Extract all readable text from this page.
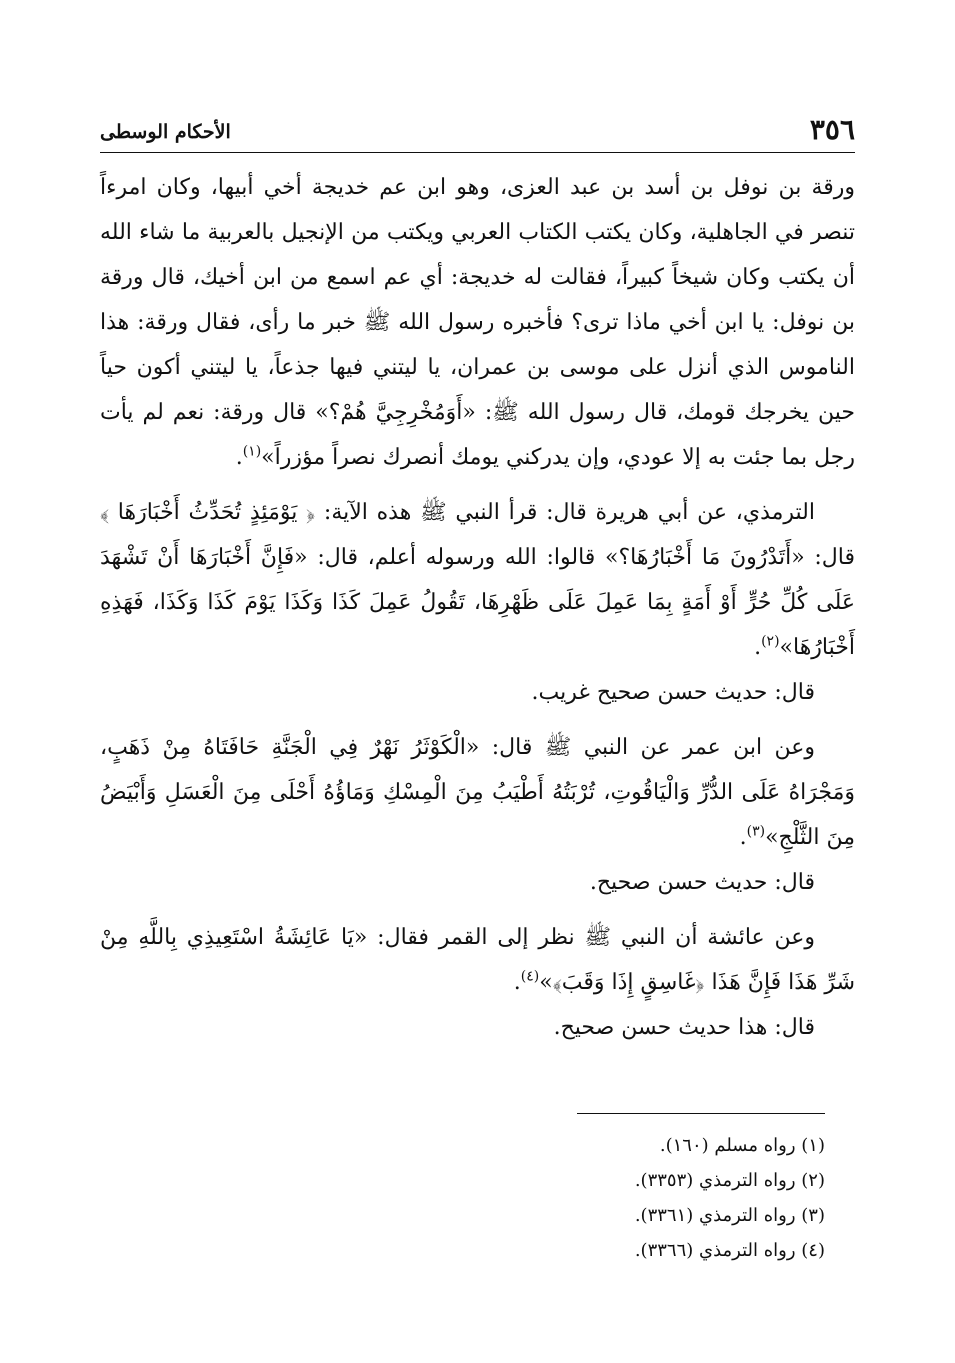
٣٥٦
الأحكام الوسطى

ورقة بن نوفل بن أسد بن عبد العزى، وهو ابن عم خديجة أخي أبيها، وكان امرءاً تنصر في الجاهلية، وكان يكتب الكتاب العربي ويكتب من الإنجيل بالعربية ما شاء الله أن يكتب وكان شيخاً كبيراً، فقالت له خديجة: أي عم اسمع من ابن أخيك، قال ورقة بن نوفل: يا ابن أخي ماذا ترى؟ فأخبره رسول الله ﷺ خبر ما رأى، فقال ورقة: هذا الناموس الذي أنزل على موسى بن عمران، يا ليتني فيها جذعاً، يا ليتني أكون حياً حين يخرجك قومك، قال رسول الله ﷺ: «أَوَمُخْرِجِيَّ هُمْ؟» قال ورقة: نعم لم يأت رجل بما جئت به إلا عودي، وإن يدركني يومك أنصرك نصراً مؤزراً»$^{(١)}$.

الترمذي، عن أبي هريرة قال: قرأ النبي ﷺ هذه الآية: ﴿ يَوْمَئِذٍ تُحَدِّثُ أَخْبَارَهَا ﴾ قال: «أَتَدْرُونَ مَا أَخْبَارُهَا؟» قالوا: الله ورسوله أعلم، قال: «فَإِنَّ أَخْبَارَهَا أَنْ تَشْهَدَ عَلَى كُلِّ حُرٍّ أَوْ أَمَةٍ بِمَا عَمِلَ عَلَى ظَهْرِهَا، تَقُولُ عَمِلَ كَذَا وَكَذَا يَوْمَ كَذَا وَكَذَا، فَهَذِهِ أَخْبَارُهَا»$^{(٢)}$.

قال: حديث حسن صحيح غريب.

وعن ابن عمر عن النبي ﷺ قال: «الْكَوْثَرُ نَهْرٌ فِي الْجَنَّةِ حَافَتَاهُ مِنْ ذَهَبٍ، وَمَجْرَاهُ عَلَى الدُّرِّ وَالْيَاقُوتِ، تُرْبَتُهُ أَطْيَبُ مِنَ الْمِسْكِ وَمَاؤُهُ أَحْلَى مِنَ الْعَسَلِ وَأَبْيَضُ مِنَ الثَّلْجِ»$^{(٣)}$.

قال: حديث حسن صحيح.

وعن عائشة أن النبي ﷺ نظر إلى القمر فقال: «يَا عَائِشَةُ اسْتَعِيذِي بِاللَّهِ مِنْ شَرِّ هَذَا فَإِنَّ هَذَا ﴿غَاسِقٍ إِذَا وَقَبَ﴾»$^{(٤)}$.

قال: هذا حديث حسن صحيح.

(١) رواه مسلم (١٦٠).

(٢) رواه الترمذي (٣٣٥٣).

(٣) رواه الترمذي (٣٣٦١).

(٤) رواه الترمذي (٣٣٦٦).
